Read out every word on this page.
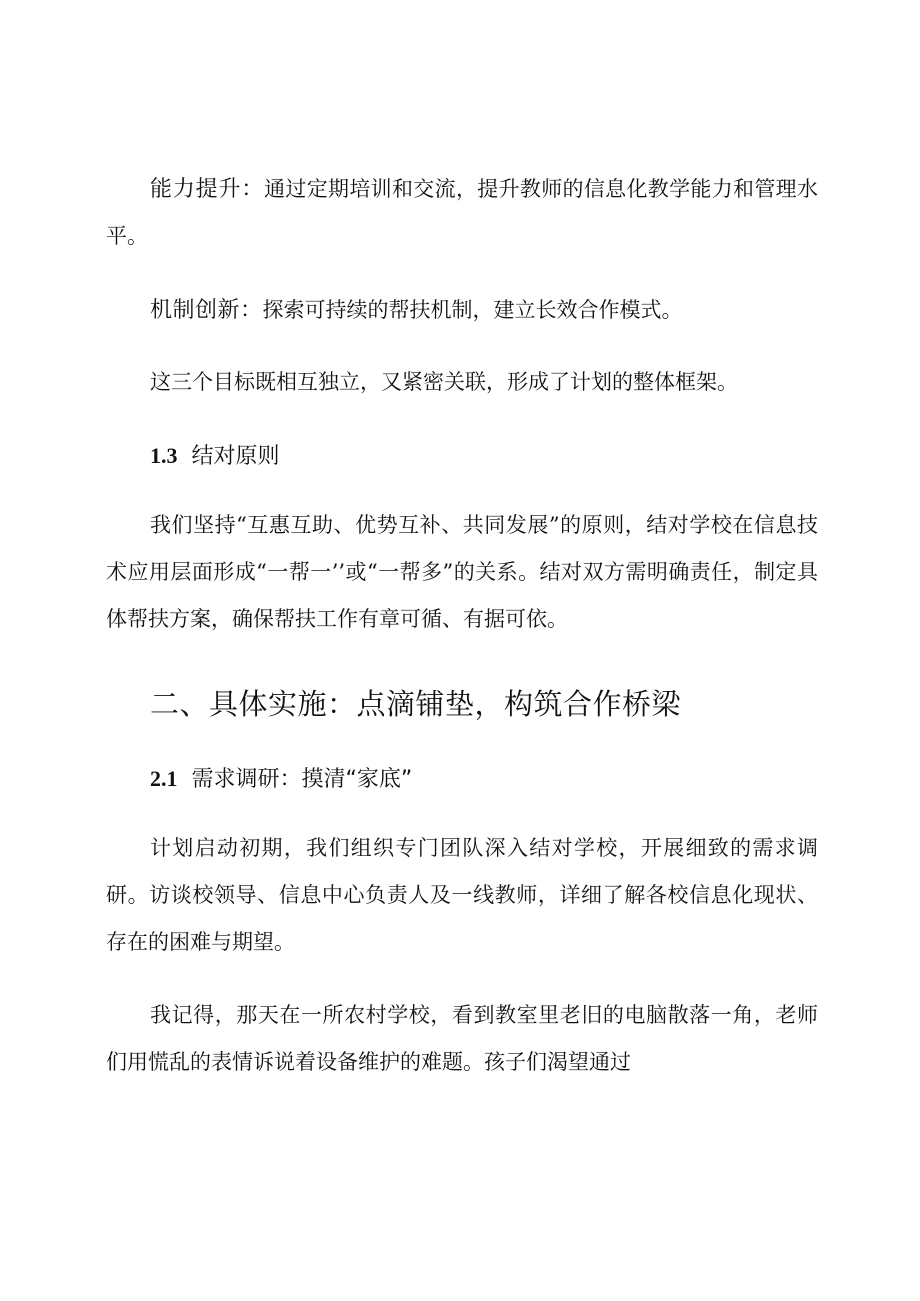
能力提升：通过定期培训和交流，提升教师的信息化教学能力和管理水平。

机制创新：探索可持续的帮扶机制，建立长效合作模式。

这三个目标既相互独立，又紧密关联，形成了计划的整体框架。

1.3 结对原则

我们坚持“互惠互助、优势互补、共同发展”的原则，结对学校在信息技术应用层面形成“一帮一’’或“一帮多”的关系。结对双方需明确责任，制定具体帮扶方案，确保帮扶工作有章可循、有据可依。

二、具体实施：点滴铺垫，构筑合作桥梁
2.1 需求调研：摸清“家底”

计划启动初期，我们组织专门团队深入结对学校，开展细致的需求调研。访谈校领导、信息中心负责人及一线教师，详细了解各校信息化现状、存在的困难与期望。

我记得，那天在一所农村学校，看到教室里老旧的电脑散落一角，老师们用慌乱的表情诉说着设备维护的难题。孩子们渴望通过
